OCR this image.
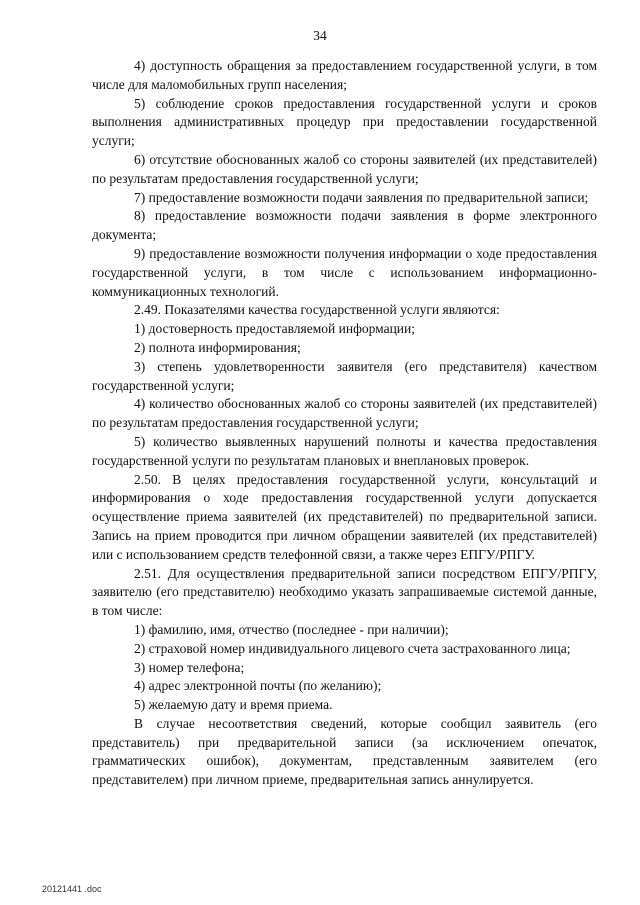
34

4) доступность обращения за предоставлением государственной услуги, в том числе для маломобильных групп населения;

5) соблюдение сроков предоставления государственной услуги и сроков выполнения административных процедур при предоставлении государственной услуги;

6) отсутствие обоснованных жалоб со стороны заявителей (их представителей) по результатам предоставления государственной услуги;

7) предоставление возможности подачи заявления по предварительной записи;

8) предоставление возможности подачи заявления в форме электронного документа;

9) предоставление возможности получения информации о ходе предоставления государственной услуги, в том числе с использованием информационно-коммуникационных технологий.

2.49. Показателями качества государственной услуги являются:

1) достоверность предоставляемой информации;

2) полнота информирования;

3) степень удовлетворенности заявителя (его представителя) качеством государственной услуги;

4) количество обоснованных жалоб со стороны заявителей (их представителей) по результатам предоставления государственной услуги;

5) количество выявленных нарушений полноты и качества предоставления государственной услуги по результатам плановых и внеплановых проверок.

2.50. В целях предоставления государственной услуги, консультаций и информирования о ходе предоставления государственной услуги допускается осуществление приема заявителей (их представителей) по предварительной записи. Запись на прием проводится при личном обращении заявителей (их представителей) или с использованием средств телефонной связи, а также через ЕПГУ/РПГУ.

2.51. Для осуществления предварительной записи посредством ЕПГУ/РПГУ, заявителю (его представителю) необходимо указать запрашиваемые системой данные, в том числе:

1) фамилию, имя, отчество (последнее - при наличии);

2) страховой номер индивидуального лицевого счета застрахованного лица;

3) номер телефона;

4) адрес электронной почты (по желанию);

5) желаемую дату и время приема.

В случае несоответствия сведений, которые сообщил заявитель (его представитель) при предварительной записи (за исключением опечаток, грамматических ошибок), документам, представленным заявителем (его представителем) при личном приеме, предварительная запись аннулируется.

20121441 .doc
